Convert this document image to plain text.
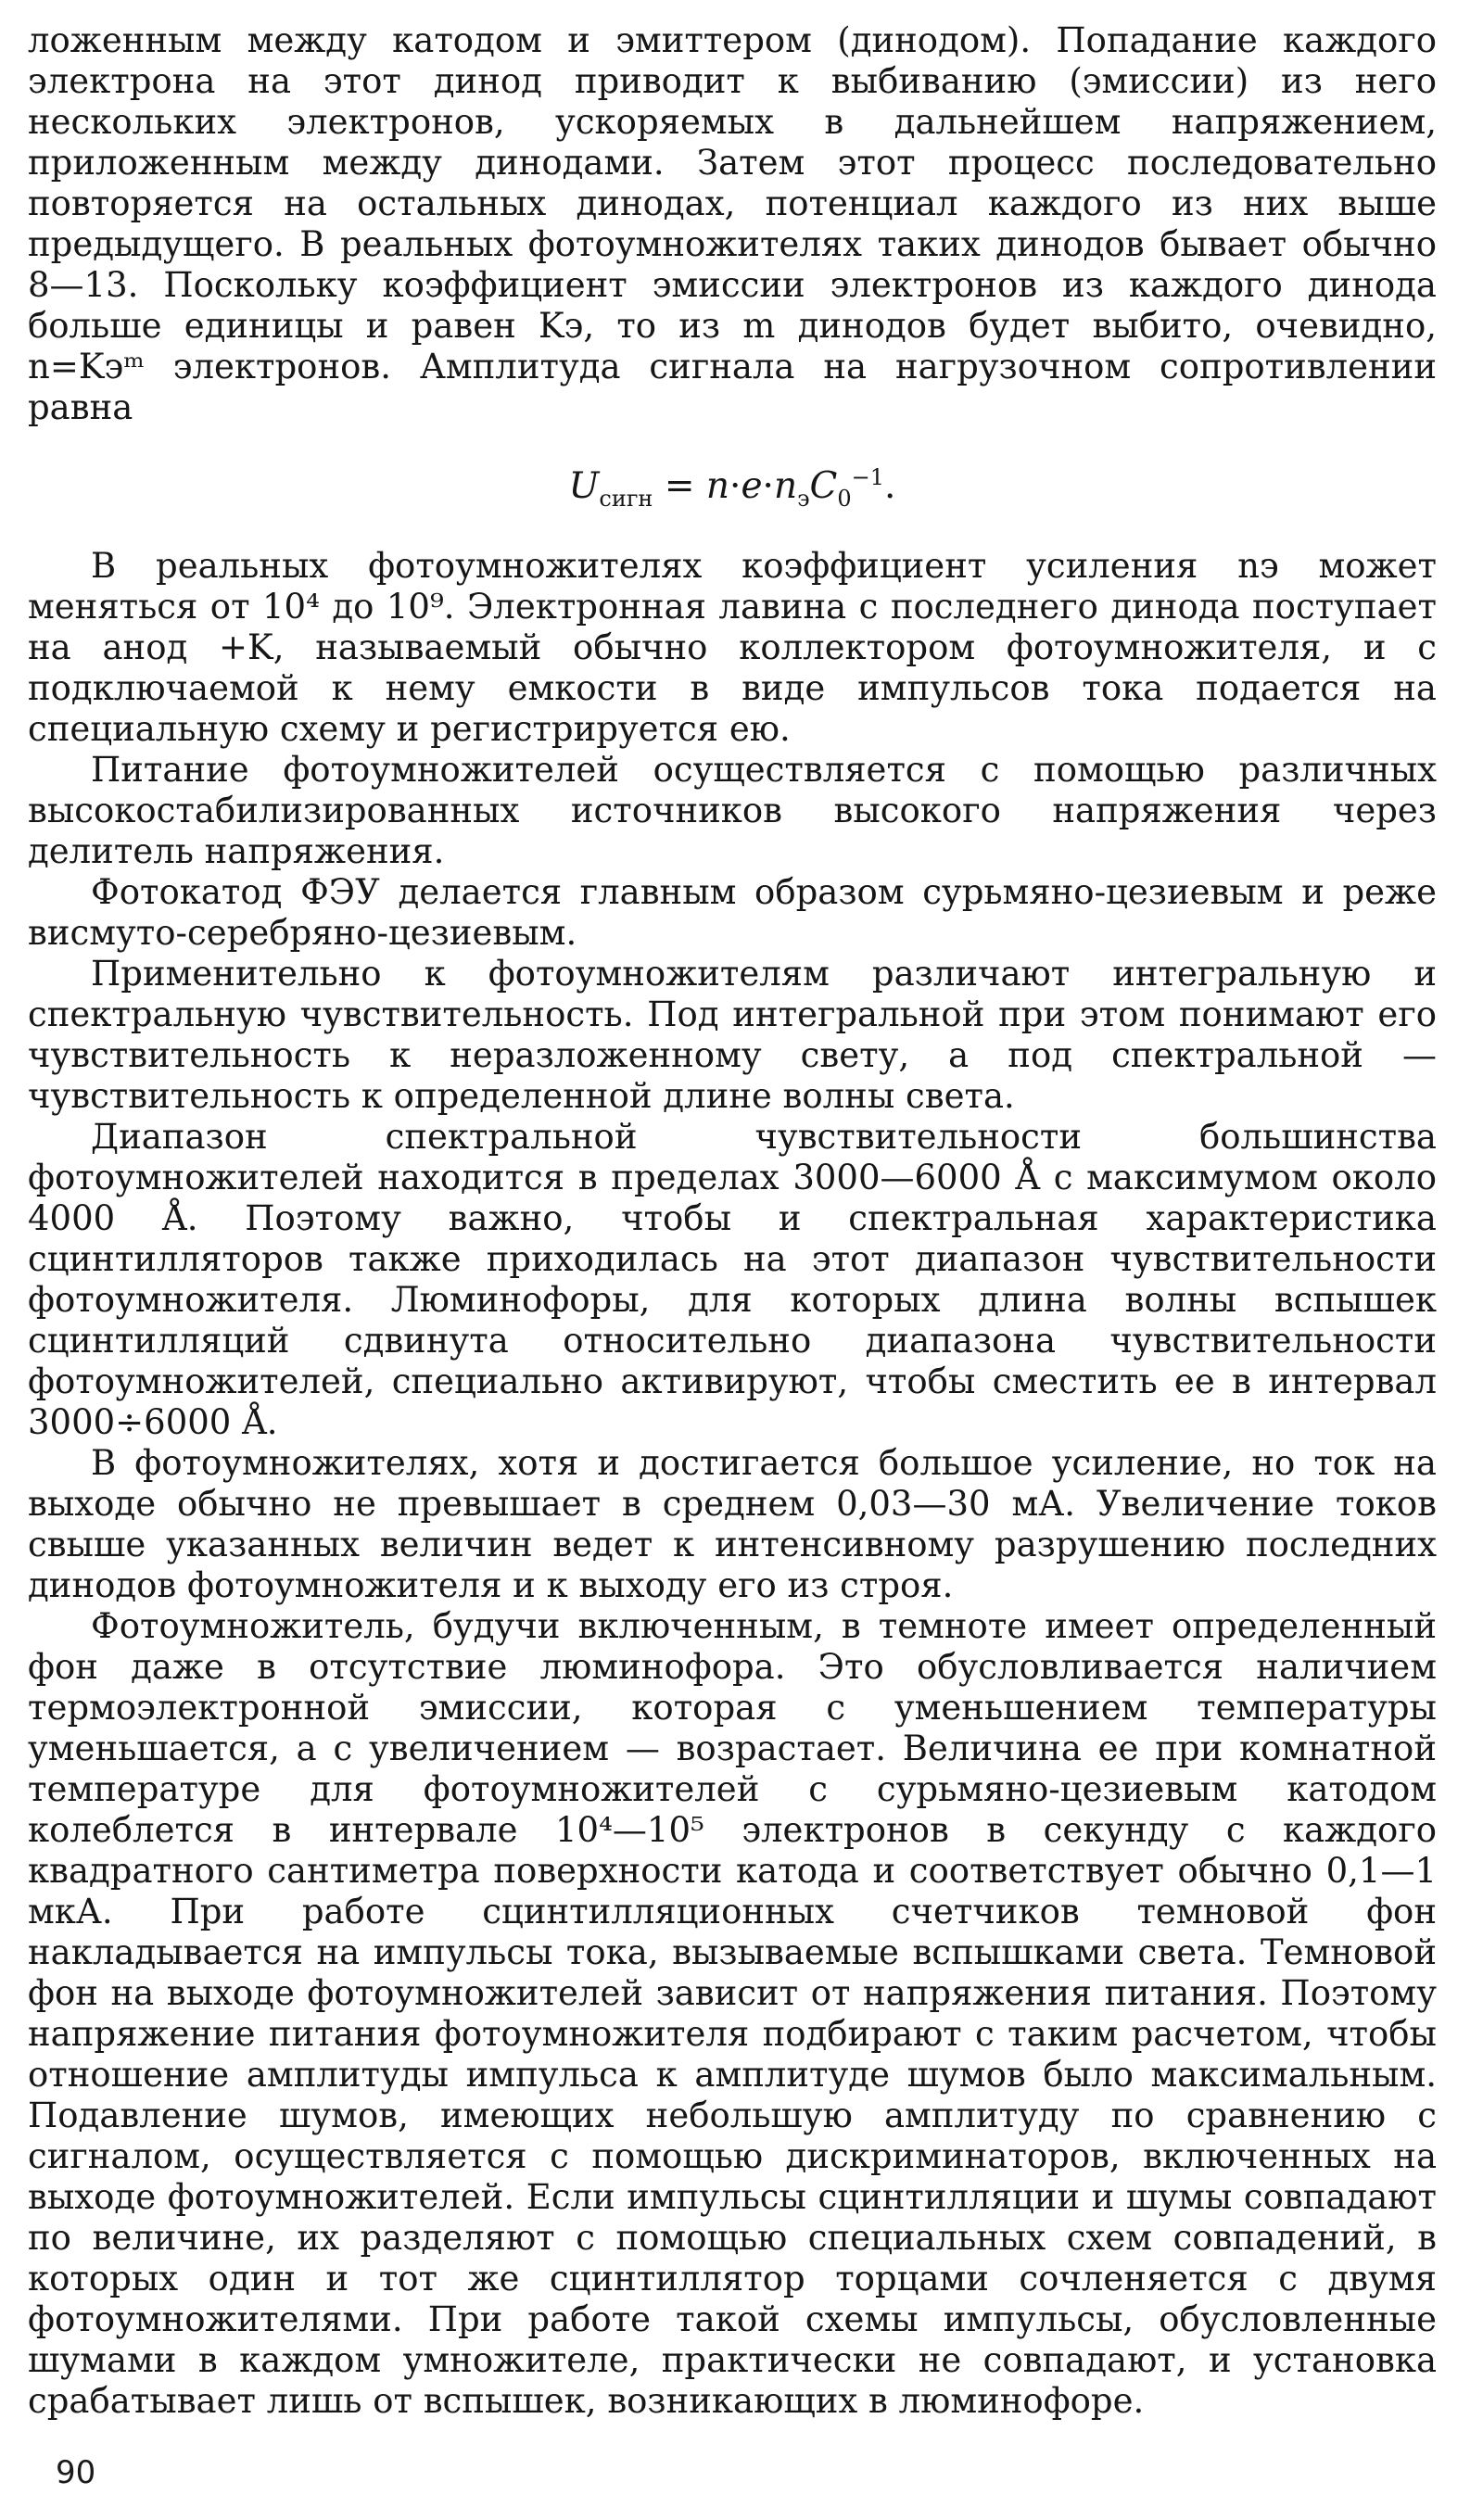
ложенным между катодом и эмиттером (динодом). Попадание каждого электрона на этот динод приводит к выбиванию (эмиссии) из него нескольких электронов, ускоряемых в дальнейшем напряжением, приложенным между динодами. Затем этот процесс последовательно повторяется на остальных динодах, потенциал каждого из них выше предыдущего. В реальных фотоумножителях таких динодов бывает обычно 8—13. Поскольку коэффициент эмиссии электронов из каждого динода больше единицы и равен Kэ, то из m динодов будет выбито, очевидно, n=Kэᵐ электронов. Амплитуда сигнала на нагрузочном сопротивлении равна

$U_{сигн} = n\cdot e\cdot n_эC_0^{-1}$.

В реальных фотоумножителях коэффициент усиления nэ может меняться от 10⁴ до 10⁹. Электронная лавина с последнего динода поступает на анод +K, называемый обычно коллектором фотоумножителя, и с подключаемой к нему емкости в виде импульсов тока подается на специальную схему и регистрируется ею.

Питание фотоумножителей осуществляется с помощью различных высокостабилизированных источников высокого напряжения через делитель напряжения.

Фотокатод ФЭУ делается главным образом сурьмяно-цезиевым и реже висмуто-серебряно-цезиевым.

Применительно к фотоумножителям различают интегральную и спектральную чувствительность. Под интегральной при этом понимают его чувствительность к неразложенному свету, а под спектральной — чувствительность к определенной длине волны света.

Диапазон спектральной чувствительности большинства фотоумножителей находится в пределах 3000—6000 Å с максимумом около 4000 Å. Поэтому важно, чтобы и спектральная характеристика сцинтилляторов также приходилась на этот диапазон чувствительности фотоумножителя. Люминофоры, для которых длина волны вспышек сцинтилляций сдвинута относительно диапазона чувствительности фотоумножителей, специально активируют, чтобы сместить ее в интервал 3000÷6000 Å.

В фотоумножителях, хотя и достигается большое усиление, но ток на выходе обычно не превышает в среднем 0,03—30 мА. Увеличение токов свыше указанных величин ведет к интенсивному разрушению последних динодов фотоумножителя и к выходу его из строя.

Фотоумножитель, будучи включенным, в темноте имеет определенный фон даже в отсутствие люминофора. Это обусловливается наличием термоэлектронной эмиссии, которая с уменьшением температуры уменьшается, а с увеличением — возрастает. Величина ее при комнатной температуре для фотоумножителей с сурьмяно-цезиевым катодом колеблется в интервале 10⁴—10⁵ электронов в секунду с каждого квадратного сантиметра поверхности катода и соответствует обычно 0,1—1 мкА. При работе сцинтилляционных счетчиков темновой фон накладывается на импульсы тока, вызываемые вспышками света. Темновой фон на выходе фотоумножителей зависит от напряжения питания. Поэтому напряжение питания фотоумножителя подбирают с таким расчетом, чтобы отношение амплитуды импульса к амплитуде шумов было максимальным. Подавление шумов, имеющих небольшую амплитуду по сравнению с сигналом, осуществляется с помощью дискриминаторов, включенных на выходе фотоумножителей. Если импульсы сцинтилляции и шумы совпадают по величине, их разделяют с помощью специальных схем совпадений, в которых один и тот же сцинтиллятор торцами сочленяется с двумя фотоумножителями. При работе такой схемы импульсы, обусловленные шумами в каждом умножителе, практически не совпадают, и установка срабатывает лишь от вспышек, возникающих в люминофоре.

90
